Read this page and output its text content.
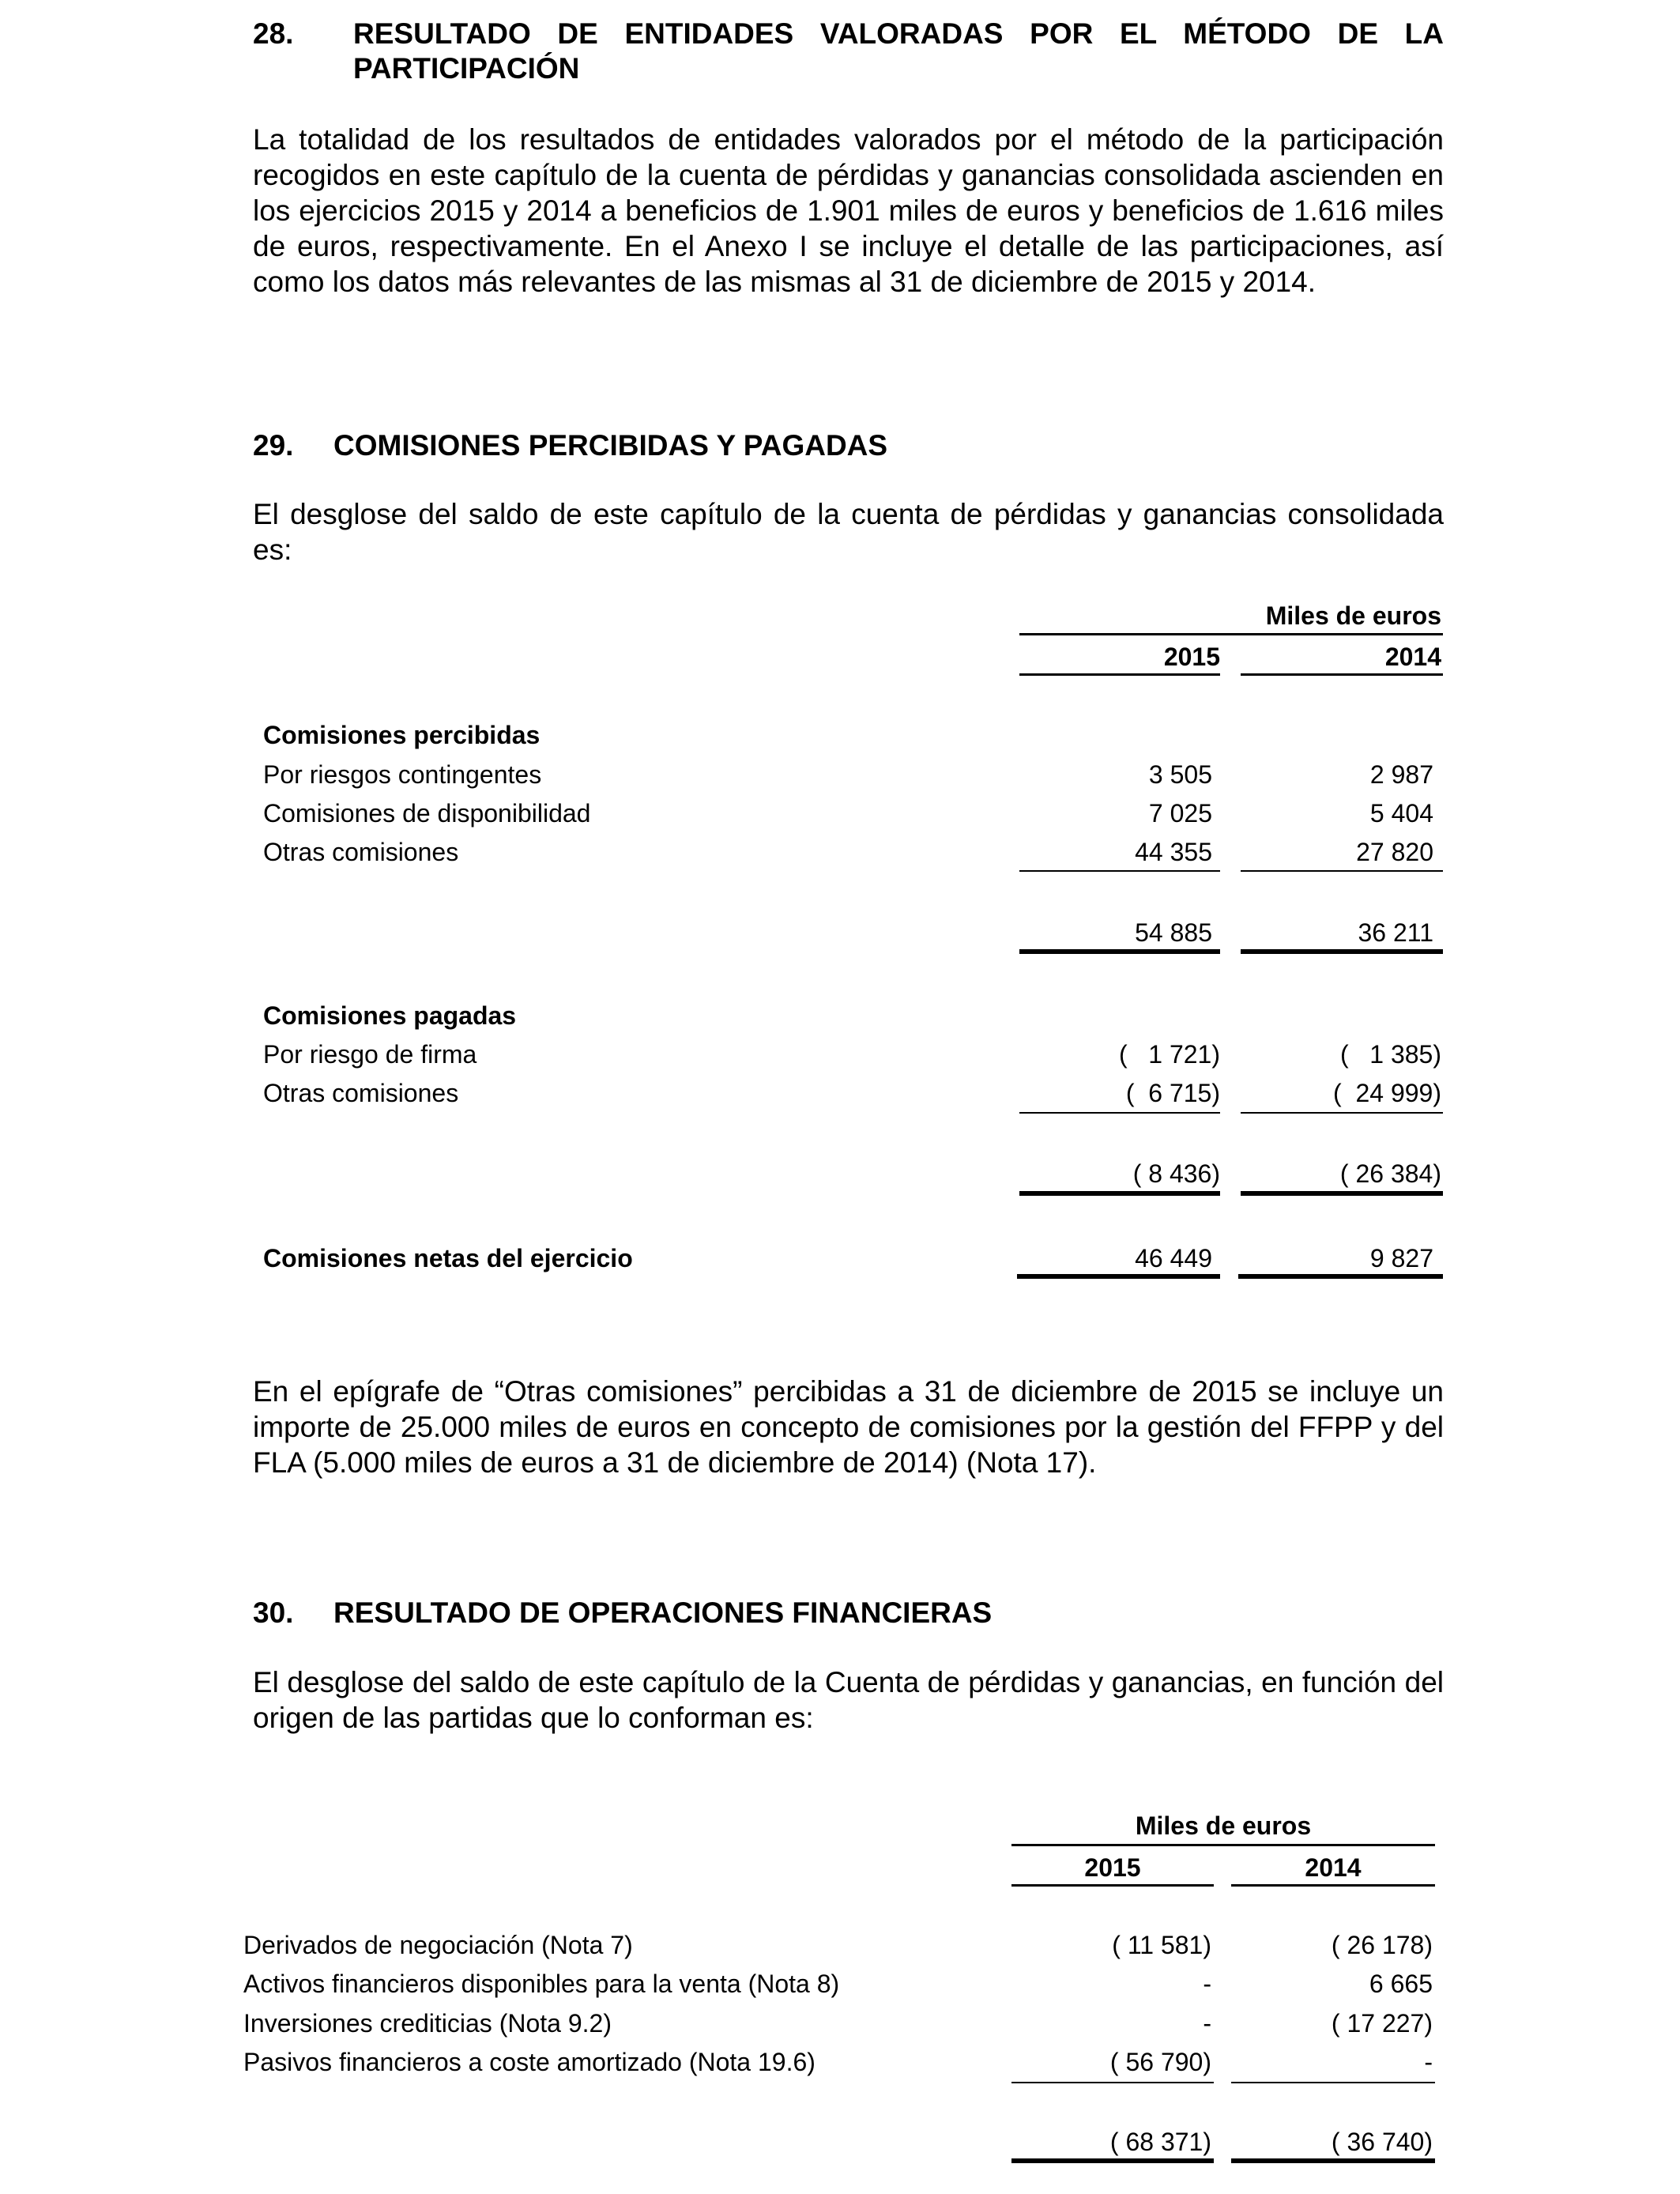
28. RESULTADO DE ENTIDADES VALORADAS POR EL MÉTODO DE LA
PARTICIPACIÓN
La totalidad de los resultados de entidades valorados por el método de la participación recogidos en este capítulo de la cuenta de pérdidas y ganancias consolidada ascienden en los ejercicios 2015 y 2014 a beneficios de 1.901 miles de euros y beneficios de 1.616 miles de euros, respectivamente. En el Anexo I se incluye el detalle de las participaciones, así como los datos más relevantes de las mismas al 31 de diciembre de 2015 y 2014.
29. COMISIONES PERCIBIDAS Y PAGADAS
El desglose del saldo de este capítulo de la cuenta de pérdidas y ganancias consolidada es:
Miles de euros
2015	2014
Comisiones percibidas
Por riesgos contingentes	3 505	2 987
Comisiones de disponibilidad	7 025	5 404
Otras comisiones	44 355	27 820
54 885	36 211
Comisiones pagadas
Por riesgo de firma	(   1 721)	(   1 385)
Otras comisiones	(  6 715)	(  24 999)
( 8 436)	( 26 384)
Comisiones netas del ejercicio	46 449	9 827
En el epígrafe de “Otras comisiones” percibidas a 31 de diciembre de 2015 se incluye un importe de 25.000 miles de euros en concepto de comisiones por la gestión del FFPP y del FLA (5.000 miles de euros a 31 de diciembre de 2014) (Nota 17).
30. RESULTADO DE OPERACIONES FINANCIERAS
El desglose del saldo de este capítulo de la Cuenta de pérdidas y ganancias, en función del origen de las partidas que lo conforman es:
Miles de euros
2015	2014
Derivados de negociación (Nota 7)	( 11 581)	( 26 178)
Activos financieros disponibles para la venta (Nota 8)	-	6 665
Inversiones crediticias (Nota 9.2)	-	( 17 227)
Pasivos financieros a coste amortizado (Nota 19.6)	( 56 790)	-
( 68 371)	( 36 740)
